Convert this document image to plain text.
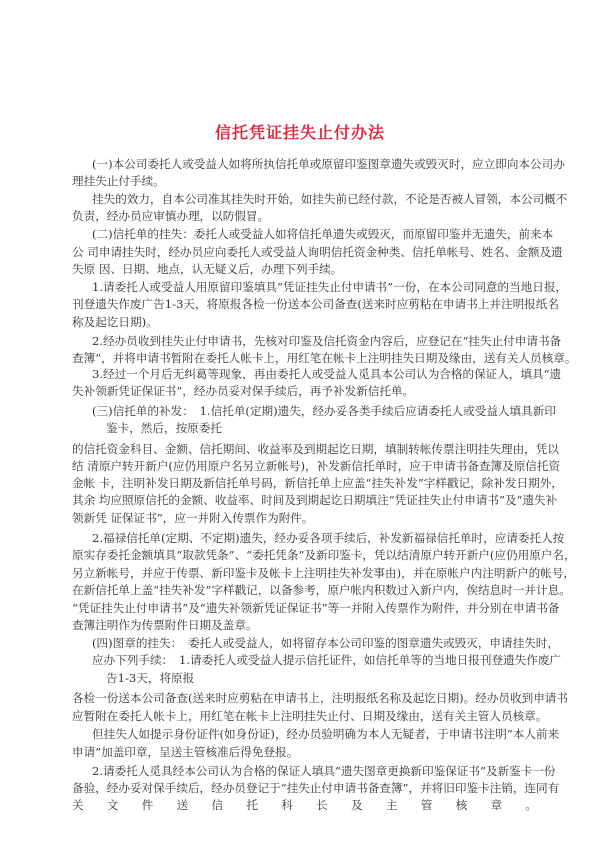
信托凭证挂失止付办法
(一)本公司委托人或受益人如将所执信托单或原留印鉴图章遗失或毁灭时，应立即向本公司办
理挂失止付手续。
挂失的效力，自本公司准其挂失时开始，如挂失前已经付款，不论是否被人冒领，本公司概不
负责，经办员应审慎办理，以防假冒。
(二)信托单的挂失：委托人或受益人如将信托单遗失或毁灭，而原留印鉴并无遗失，前来本
公 司申请挂失时，经办员应向委托人或受益人询明信托资金种类、信托单帐号、姓名、金额及遗
失原 因、日期、地点，认无疑义后，办理下列手续。
1.请委托人或受益人用原留印鉴填具“凭证挂失止付申请书”一份，在本公司同意的当地日报，
刊登遗失作废广告1-3天，将原报各检一份送本公司备查(送来时应剪粘在申请书上并注明报纸名
称及起讫日期)。
2.经办员收到挂失止付申请书，先核对印鉴及信托资金内容后，应登记在“挂失止付申请书备
查簿”，并将申请书暂附在委托人帐卡上，用红笔在帐卡上注明挂失日期及缘由，送有关人员核章。
3.经过一个月后无纠葛等现象，再由委托人或受益人觅具本公司认为合格的保证人，填具“遗
失补领新凭证保证书”，经办员妥对保手续后，再予补发新信托单。
(三)信托单的补发：　1.信托单(定期)遗失，经办妥各类手续后应请委托人或受益人填具新印
鉴卡，然后，按原委托
的信托资金科目、金额、信托期间、收益率及到期起讫日期，填制转帐传票注明挂失理由，凭以
结 清原户转开新户(应仍用原户名另立新帐号)，补发新信托单时，应于申请书备查簿及原信托资
金帐 卡，注明补发日期及新信托单号码，新信托单上应盖“挂失补发”字样戳记，除补发日期外，
其余 均应照原信托的金额、收益率、时间及到期起讫日期填注“凭证挂失止付申请书”及“遗失补
领新凭 证保证书”，应一并附入传票作为附件。
2.福禄信托单(定期、不定期)遗失，经办妥各项手续后，补发新福禄信托单时，应请委托人按
原实存委托金额填具“取款凭条”、“委托凭条”及新印鉴卡，凭以结清原户转开新户(应仍用原户名，
另立新帐号，并应于传票、新印鉴卡及帐卡上注明挂失补发事由)，并在原帐户内注明新户的帐号，
在新信托单上盖“挂失补发”字样戳记，以备参考，原户帐内积数过入新户内，俟结息时一并计息。
“凭证挂失止付申请书”及“遗失补领新凭证保证书”等一并附入传票作为附件，并分别在申请书备
查簿注明作为传票附件日期及盖章。
(四)图章的挂失：　委托人或受益人，如将留存本公司印鉴的图章遗失或毁灭，申请挂失时，
应办下列手续：　1.请委托人或受益人提示信托证件，如信托单等的当地日报刊登遗失作废广
告1-3天，将原报
各检一份送本公司备查(送来时应剪粘在申请书上，注明报纸名称及起讫日期)。经办员收到申请书
应暂附在委托人帐卡上，用红笔在帐卡上注明挂失止付、日期及缘由，送有关主管人员核章。
但挂失人如提示身份证件(如身份证)，经办员验明确为本人无疑者，于申请书注明“本人前来
申请”加盖印章，呈送主管核准后得免登报。
2.请委托人觅具经本公司认为合格的保证人填具“遗失图章更换新印鉴保证书”及新鉴卡一份
备验，经办妥对保手续后，经办员登记于“挂失止付申请书备查簿”，并将旧印鉴卡注销，连同有
关　文　件　送　信　托　科　长　及　主　管　核　章　。
